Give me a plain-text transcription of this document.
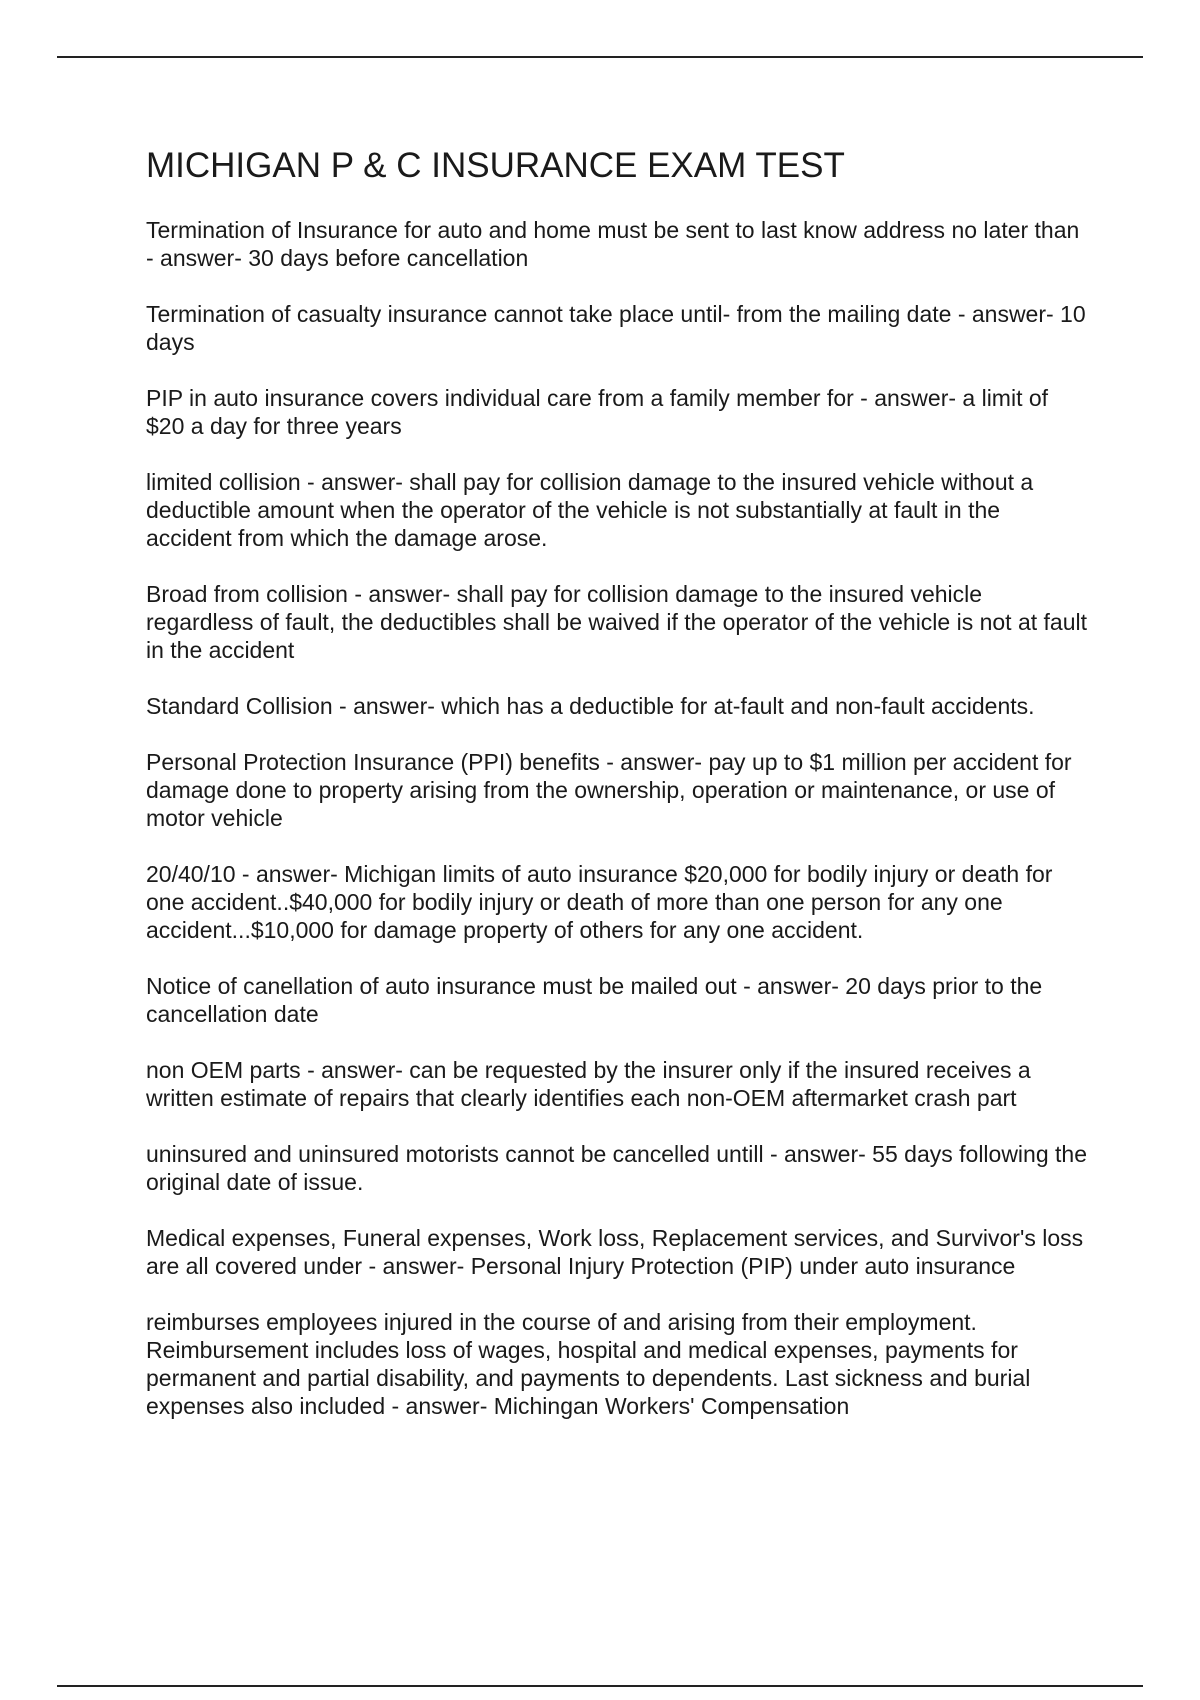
MICHIGAN P & C INSURANCE EXAM TEST

Termination of Insurance for auto and home must be sent to last know address no later than - answer- 30 days before cancellation

Termination of casualty insurance cannot take place until- from the mailing date - answer- 10 days

PIP in auto insurance covers individual care from a family member for - answer- a limit of $20 a day for three years

limited collision - answer- shall pay for collision damage to the insured vehicle without a deductible amount when the operator of the vehicle is not substantially at fault in the accident from which the damage arose.

Broad from collision - answer- shall pay for collision damage to the insured vehicle regardless of fault, the deductibles shall be waived if the operator of the vehicle is not at fault in the accident

Standard Collision - answer- which has a deductible for at-fault and non-fault accidents.

Personal Protection Insurance (PPI) benefits - answer- pay up to $1 million per accident for damage done to property arising from the ownership, operation or maintenance, or use of motor vehicle

20/40/10 - answer- Michigan limits of auto insurance $20,000 for bodily injury or death for one accident..$40,000 for bodily injury or death of more than one person for any one accident...$10,000 for damage property of others for any one accident.

Notice of canellation of auto insurance must be mailed out - answer- 20 days prior to the cancellation date

non OEM parts - answer- can be requested by the insurer only if the insured receives a written estimate of repairs that clearly identifies each non-OEM aftermarket crash part

uninsured and uninsured motorists cannot be cancelled untill - answer- 55 days following the original date of issue.

Medical expenses, Funeral expenses, Work loss, Replacement services, and Survivor's loss are all covered under - answer- Personal Injury Protection (PIP) under auto insurance

reimburses employees injured in the course of and arising from their employment. Reimbursement includes loss of wages, hospital and medical expenses, payments for permanent and partial disability, and payments to dependents. Last sickness and burial expenses also included - answer- Michingan Workers' Compensation
